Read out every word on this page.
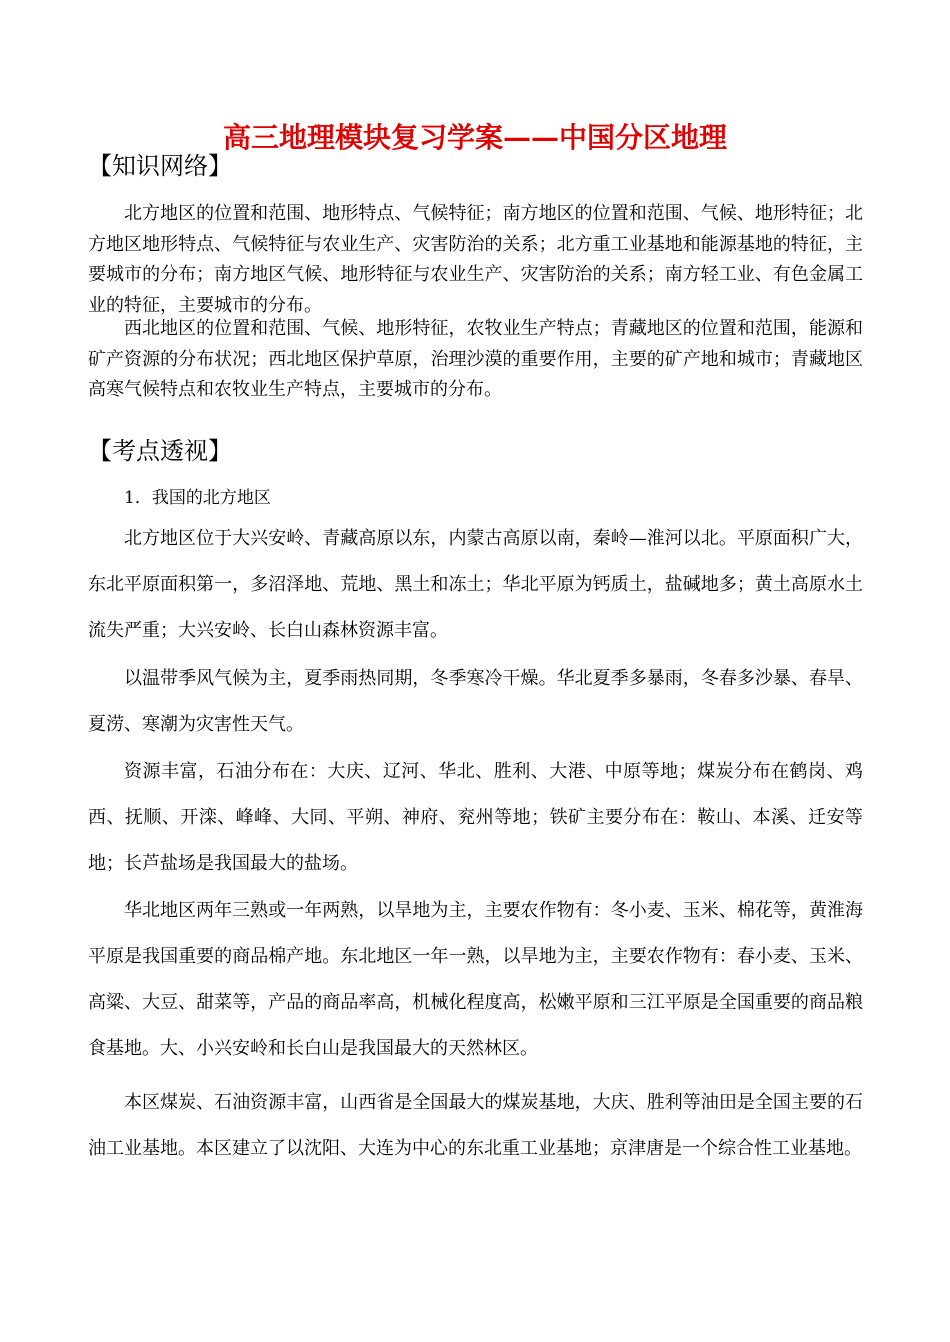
高三地理模块复习学案——中国分区地理
【知识网络】

北方地区的位置和范围、地形特点、气候特征；南方地区的位置和范围、气候、地形特征；北方地区地形特点、气候特征与农业生产、灾害防治的关系；北方重工业基地和能源基地的特征，主要城市的分布；南方地区气候、地形特征与农业生产、灾害防治的关系；南方轻工业、有色金属工业的特征，主要城市的分布。

西北地区的位置和范围、气候、地形特征，农牧业生产特点；青藏地区的位置和范围，能源和矿产资源的分布状况；西北地区保护草原，治理沙漠的重要作用，主要的矿产地和城市；青藏地区高寒气候特点和农牧业生产特点，主要城市的分布。

【考点透视】
1．我国的北方地区

北方地区位于大兴安岭、青藏高原以东，内蒙古高原以南，秦岭—淮河以北。平原面积广大，东北平原面积第一，多沼泽地、荒地、黑土和冻土；华北平原为钙质土，盐碱地多；黄土高原水土流失严重；大兴安岭、长白山森林资源丰富。

以温带季风气候为主，夏季雨热同期，冬季寒冷干燥。华北夏季多暴雨，冬春多沙暴、春旱、夏涝、寒潮为灾害性天气。

资源丰富，石油分布在：大庆、辽河、华北、胜利、大港、中原等地；煤炭分布在鹤岗、鸡西、抚顺、开滦、峰峰、大同、平朔、神府、兖州等地；铁矿主要分布在：鞍山、本溪、迁安等地；长芦盐场是我国最大的盐场。

华北地区两年三熟或一年两熟，以旱地为主，主要农作物有：冬小麦、玉米、棉花等，黄淮海平原是我国重要的商品棉产地。东北地区一年一熟，以旱地为主，主要农作物有：春小麦、玉米、高粱、大豆、甜菜等，产品的商品率高，机械化程度高，松嫩平原和三江平原是全国重要的商品粮食基地。大、小兴安岭和长白山是我国最大的天然林区。

本区煤炭、石油资源丰富，山西省是全国最大的煤炭基地，大庆、胜利等油田是全国主要的石油工业基地。本区建立了以沈阳、大连为中心的东北重工业基地；京津唐是一个综合性工业基地。
